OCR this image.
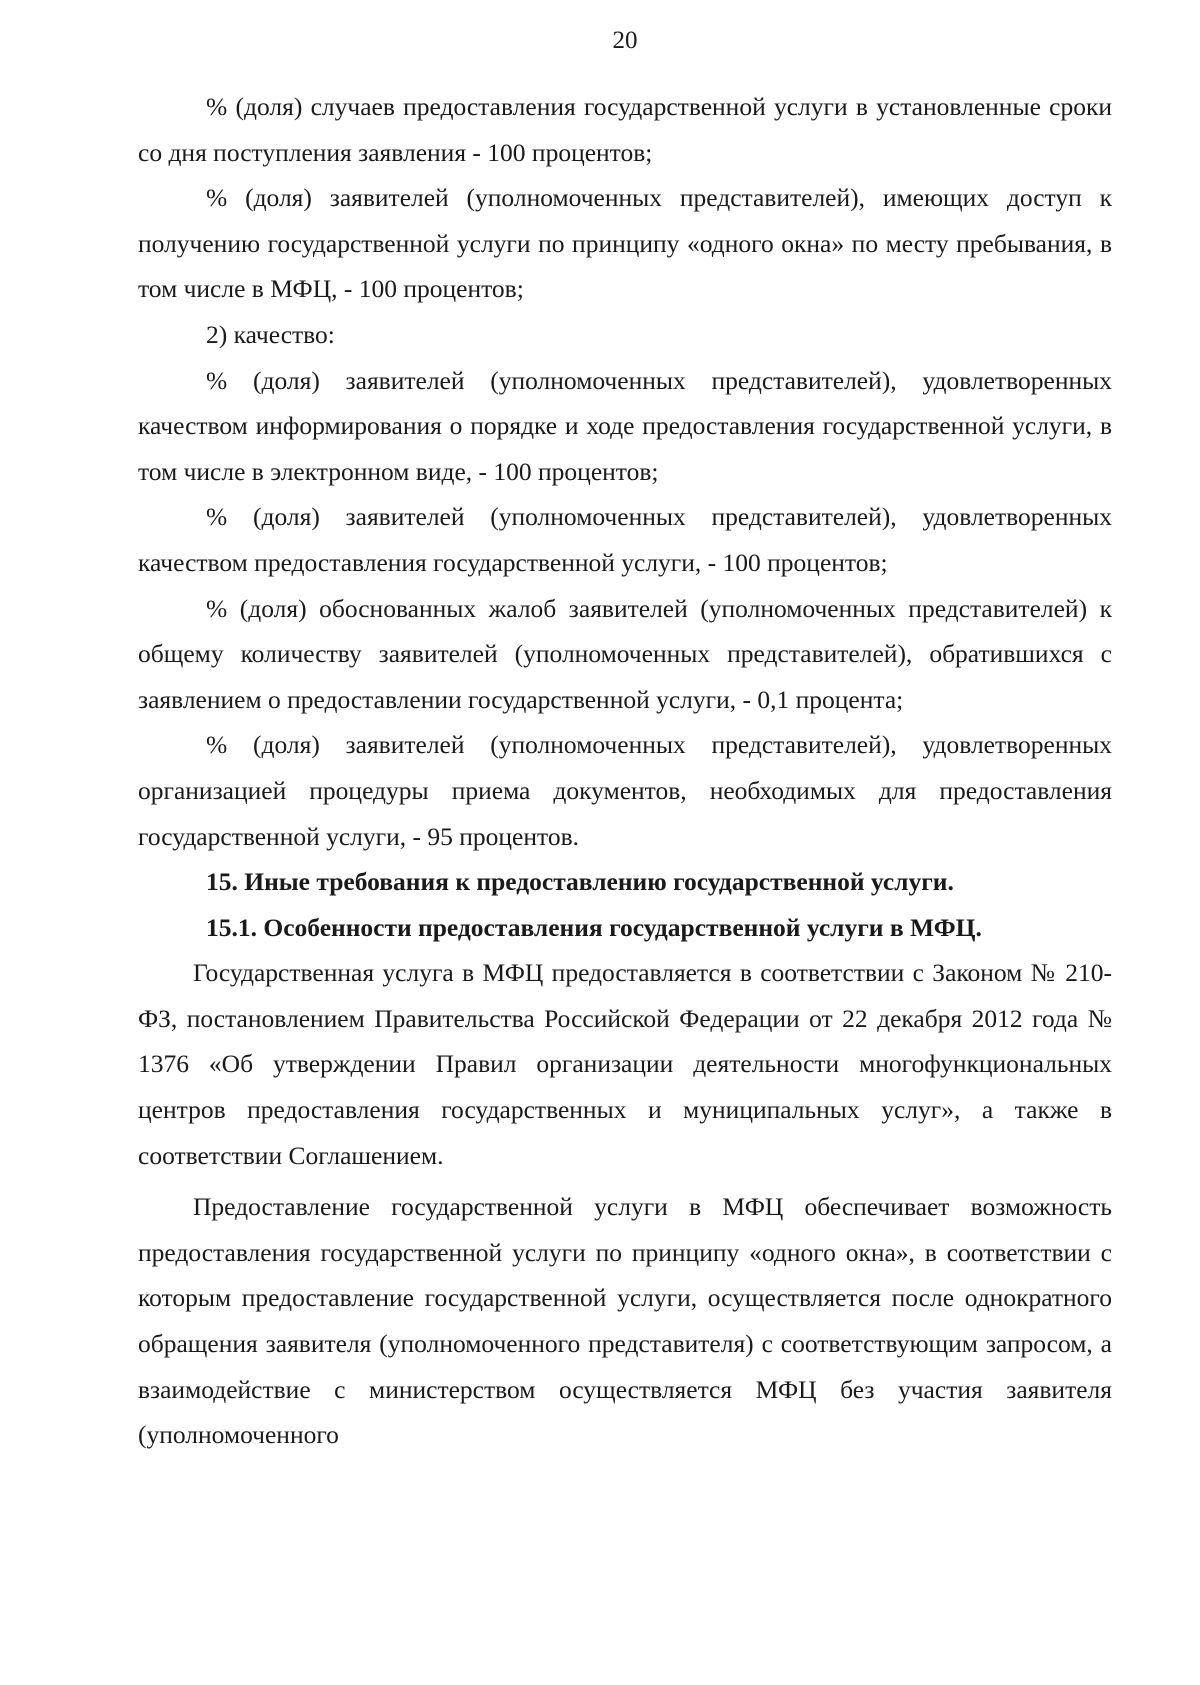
20

% (доля) случаев предоставления государственной услуги в установленные сроки со дня поступления заявления - 100 процентов;

% (доля) заявителей (уполномоченных представителей), имеющих доступ к получению государственной услуги по принципу «одного окна» по месту пребывания, в том числе в МФЦ, - 100 процентов;

2) качество:

% (доля) заявителей (уполномоченных представителей), удовлетворенных качеством информирования о порядке и ходе предоставления государственной услуги, в том числе в электронном виде, - 100 процентов;

% (доля) заявителей (уполномоченных представителей), удовлетворенных качеством предоставления государственной услуги, - 100 процентов;

% (доля) обоснованных жалоб заявителей (уполномоченных представителей) к общему количеству заявителей (уполномоченных представителей), обратившихся с заявлением о предоставлении государственной услуги, - 0,1 процента;

% (доля) заявителей (уполномоченных представителей), удовлетворенных организацией процедуры приема документов, необходимых для предоставления государственной услуги, - 95 процентов.

15. Иные требования к предоставлению государственной услуги.

15.1. Особенности предоставления государственной услуги в МФЦ.

Государственная услуга в МФЦ предоставляется в соответствии с Законом № 210-ФЗ, постановлением Правительства Российской Федерации от 22 декабря 2012 года № 1376 «Об утверждении Правил организации деятельности многофункциональных центров предоставления государственных и муниципальных услуг», а также в соответствии Соглашением.

Предоставление государственной услуги в МФЦ обеспечивает возможность предоставления государственной услуги по принципу «одного окна», в соответствии с которым предоставление государственной услуги, осуществляется после однократного обращения заявителя (уполномоченного представителя) с соответствующим запросом, а взаимодействие с министерством осуществляется МФЦ без участия заявителя (уполномоченного
